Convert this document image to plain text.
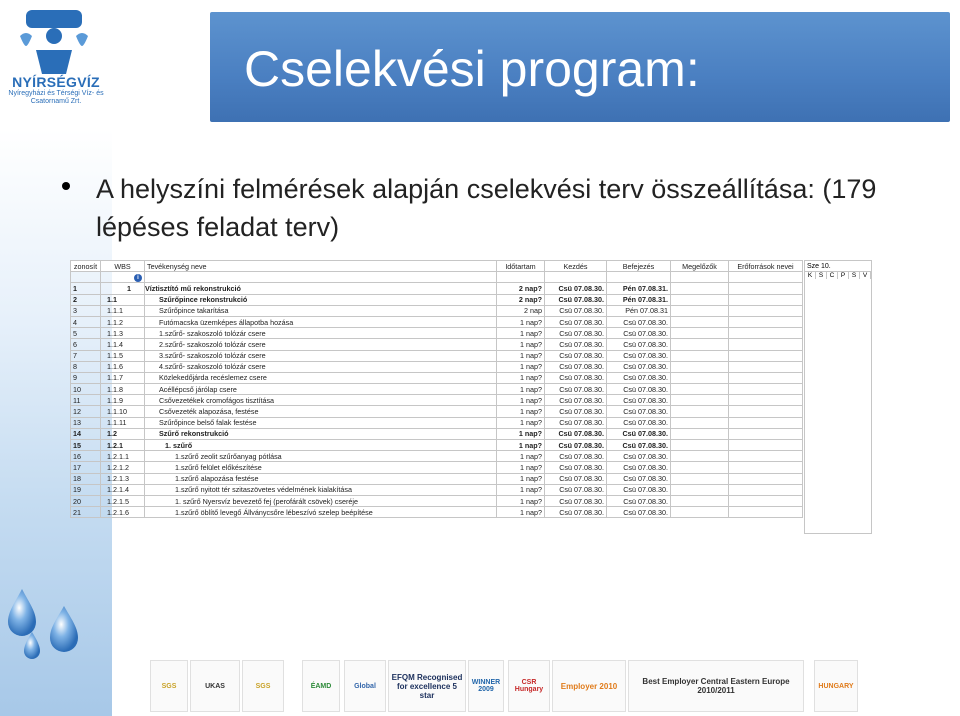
NYÍRSÉGVÍZ
Nyíregyházi és Térségi Víz- és Csatornamű Zrt.
Cselekvési program:
A helyszíni felmérések alapján cselekvési terv összeállítása: (179 lépéses feladat terv)
zonosít	WBS	Tevékenység neve	Időtartam	Kezdés	Befejezés	Megelőzők	Erőforrások nevei
	i						
1	1	Víztisztító mű rekonstrukció	2 nap?	Csü 07.08.30.	Pén 07.08.31.		
2	1.1	Szűrőpince rekonstrukció	2 nap?	Csü 07.08.30.	Pén 07.08.31.		
3	1.1.1	Szűrőpince takarítása	2 nap	Csü 07.08.30.	Pén 07.08.31		
4	1.1.2	Futómacska üzemképes állapotba hozása	1 nap?	Csü 07.08.30.	Csü 07.08.30.		
5	1.1.3	1.szűrő- szakoszoló tolózár csere	1 nap?	Csü 07.08.30.	Csü 07.08.30.		
6	1.1.4	2.szűrő- szakoszoló tolózár csere	1 nap?	Csü 07.08.30.	Csü 07.08.30.		
7	1.1.5	3.szűrő- szakoszoló tolózár csere	1 nap?	Csü 07.08.30.	Csü 07.08.30.		
8	1.1.6	4.szűrő- szakoszoló tolózár csere	1 nap?	Csü 07.08.30.	Csü 07.08.30.		
9	1.1.7	Közlekedőjárda recéslemez csere	1 nap?	Csü 07.08.30.	Csü 07.08.30.		
10	1.1.8	Acéllépcső járólap csere	1 nap?	Csü 07.08.30.	Csü 07.08.30.		
11	1.1.9	Csővezetékek cromofágos tisztítása	1 nap?	Csü 07.08.30.	Csü 07.08.30.		
12	1.1.10	Csővezeték alapozása, festése	1 nap?	Csü 07.08.30.	Csü 07.08.30.		
13	1.1.11	Szűrőpince belső falak festése	1 nap?	Csü 07.08.30.	Csü 07.08.30.		
14	1.2	Szűrő rekonstrukció	1 nap?	Csü 07.08.30.	Csü 07.08.30.		
15	1.2.1	1. szűrő	1 nap?	Csü 07.08.30.	Csü 07.08.30.		
16	1.2.1.1	1.szűrő zeolit szűrőanyag pótlása	1 nap?	Csü 07.08.30.	Csü 07.08.30.		
17	1.2.1.2	1.szűrő felület előkészítése	1 nap?	Csü 07.08.30.	Csü 07.08.30.		
18	1.2.1.3	1.szűrő alapozása festése	1 nap?	Csü 07.08.30.	Csü 07.08.30.		
19	1.2.1.4	1.szűrő nyitott tér szitaszövetes védelmének kialakítása	1 nap?	Csü 07.08.30.	Csü 07.08.30.		
20	1.2.1.5	1. szűrő Nyersvíz bevezető fej (perofárált csövek) cseréje	1 nap?	Csü 07.08.30.	Csü 07.08.30.		
21	1.2.1.6	1.szűrő öblítő levegő Állványcsőre lébeszívó szelep beépítése	1 nap?	Csü 07.08.30.	Csü 07.08.30.		
Sze 10.
K	S C P	S	V
SGS	UKAS	SGS	ÉAMD	Global
EFQM Recognised for excellence 5 star
WINNER 2009
CSR Hungary	Employer 2010	Best Employer Central Eastern Europe 2010/2011	HUNGARY
